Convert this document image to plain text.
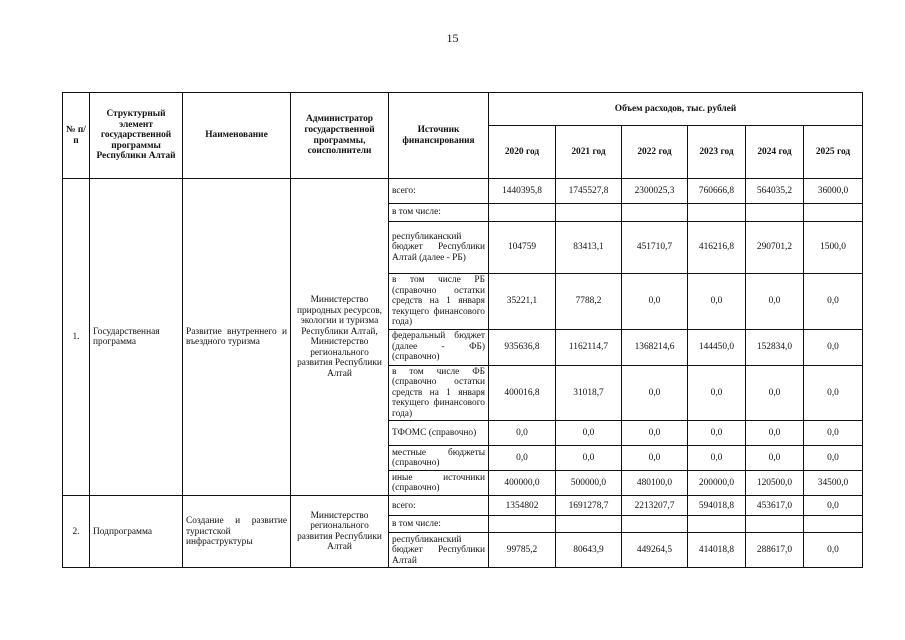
15
№ п/п	Структурный элемент государственной программы Республики Алтай	Наименование	Администратор государственной программы, соисполнители	Источник финансирования	Объем расходов, тыс. рублей					
					2020 год	2021 год	2022 год	2023 год	2024 год	2025 год
1.	Государственная программа	Развитие внутреннего и въездного туризма	Министерство природных ресурсов, экологии и туризма Республики Алтай, Министерство регионального развития Республики Алтай	всего:	1440395,8	1745527,8	2300025,3	760666,8	564035,2	36000,0
				в том числе:						
				республиканский бюджет Республики Алтай (далее - РБ)	104759	83413,1	451710,7	416216,8	290701,2	1500,0
				в том числе РБ (справочно остатки средств на 1 января текущего финансового года)	35221,1	7788,2	0,0	0,0	0,0	0,0
				федеральный бюджет (далее - ФБ) (справочно)	935636,8	1162114,7	1368214,6	144450,0	152834,0	0,0
				в том числе ФБ (справочно остатки средств на 1 января текущего финансового года)	400016,8	31018,7	0,0	0,0	0,0	0,0
				ТФОМС (справочно)	0,0	0,0	0,0	0,0	0,0	0,0
				местные бюджеты (справочно)	0,0	0,0	0,0	0,0	0,0	0,0
				иные источники (справочно)	400000,0	500000,0	480100,0	200000,0	120500,0	34500,0
2.	Подпрограмма	Создание и развитие туристской инфраструктуры	Министерство регионального развития Республики Алтай	всего:	1354802	1691278,7	2213207,7	594018,8	453617,0	0,0
				в том числе:						
				республиканский бюджет Республики Алтай	99785,2	80643,9	449264,5	414018,8	288617,0	0,0
